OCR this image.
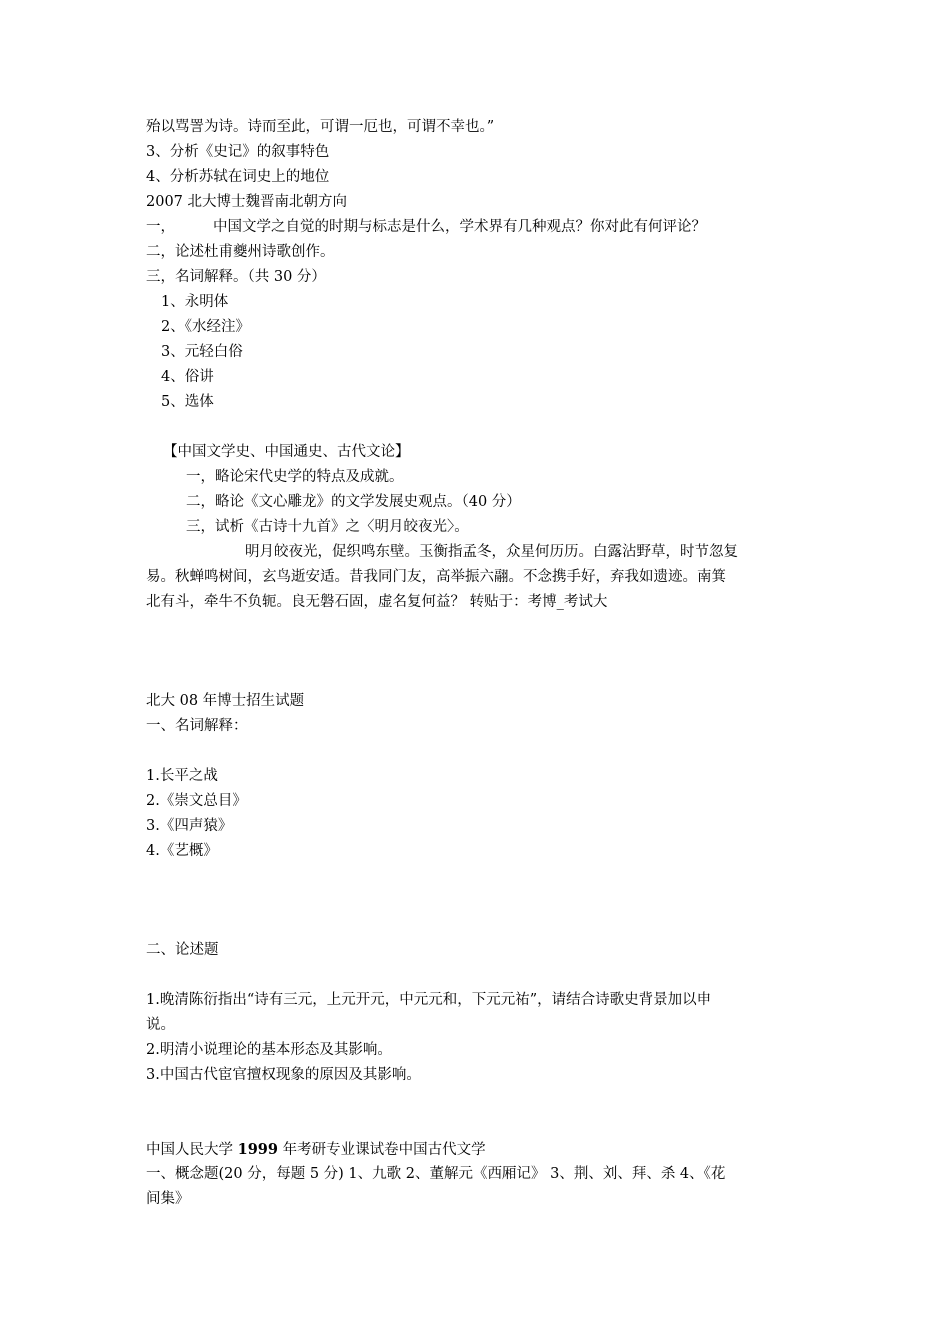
殆以骂詈为诗。诗而至此，可谓一厄也，可谓不幸也。”
3、分析《史记》的叙事特色
4、分析苏轼在词史上的地位
2007 北大博士魏晋南北朝方向
一，	中国文学之自觉的时期与标志是什么，学术界有几种观点？你对此有何评论？
二，论述杜甫夔州诗歌创作。
三，名词解释。（共 30 分）
1、永明体
2、《水经注》
3、元轻白俗
4、俗讲
5、选体
【中国文学史、中国通史、古代文论】
一，略论宋代史学的特点及成就。
二，略论《文心雕龙》的文学发展史观点。（40 分）
三，试析《古诗十九首》之〈明月皎夜光〉。
明月皎夜光，促织鸣东壁。玉衡指孟冬，众星何历历。白露沾野草，时节忽复
易。秋蝉鸣树间，玄鸟逝安适。昔我同门友，高举振六翮。不念携手好，弃我如遗迹。南箕
北有斗，牵牛不负轭。良无磐石固，虚名复何益？ 转贴于：考博_考试大
北大 08 年博士招生试题
一、名词解释：
1.长平之战
2.《崇文总目》
3.《四声猿》
4.《艺概》
二、论述题
1.晚清陈衍指出“诗有三元，上元开元，中元元和，下元元祐”，请结合诗歌史背景加以申
说。
2.明清小说理论的基本形态及其影响。
3.中国古代宦官擅权现象的原因及其影响。
中国人民大学 1999 年考研专业课试卷中国古代文学
一、概念题(20 分，每题 5 分) 1、九歌 2、董解元《西厢记》 3、荆、刘、拜、杀 4、《花
间集》
